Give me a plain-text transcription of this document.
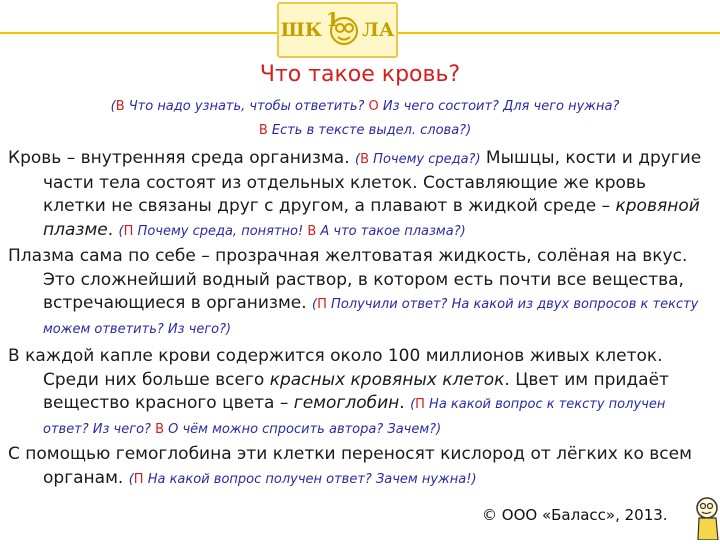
ШК 1 ЛА
Что такое кровь?
(В Что надо узнать, чтобы ответить? О Из чего состоит? Для чего нужна?
В Есть в тексте выдел. слова?)
Кровь – внутренняя среда организма. (В Почему среда?) Мышцы, кости и другие части тела состоят из отдельных клеток. Составляющие же кровь клетки не связаны друг с другом, а плавают в жидкой среде – кровяной плазме. (П Почему среда, понятно! В А что такое плазма?)
Плазма сама по себе – прозрачная желтоватая жидкость, солёная на вкус. Это сложнейший водный раствор, в котором есть почти все вещества, встречающиеся в организме. (П Получили ответ? На какой из двух вопросов к тексту можем ответить? Из чего?)
В каждой капле крови содержится около 100 миллионов живых клеток. Среди них больше всего красных кровяных клеток. Цвет им придаёт вещество красного цвета – гемоглобин. (П На какой вопрос к тексту получен ответ? Из чего? В О чём можно спросить автора? Зачем?)
С помощью гемоглобина эти клетки переносят кислород от лёгких ко всем органам. (П На какой вопрос получен ответ? Зачем нужна!)
© ООО «Баласс», 2013.
